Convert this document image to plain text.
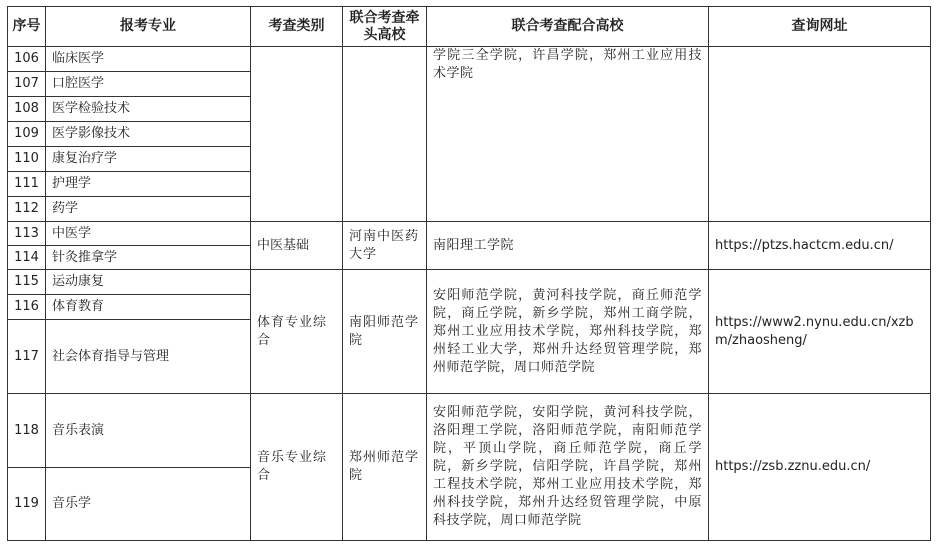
序号	报考专业	考查类别	联合考查牵头高校	联合考查配合高校	查询网址
106	临床医学			学院三全学院，许昌学院，郑州工业应用技术学院	
107	口腔医学				
108	医学检验技术				
109	医学影像技术				
110	康复治疗学				
111	护理学				
112	药学				
113	中医学	中医基础	河南中医药大学	南阳理工学院	https://ptzs.hactcm.edu.cn/
114	针灸推拿学				
115	运动康复	体育专业综合	南阳师范学院	安阳师范学院，黄河科技学院，商丘师范学院，商丘学院，新乡学院，郑州工商学院，郑州工业应用技术学院，郑州科技学院，郑州轻工业大学，郑州升达经贸管理学院，郑州师范学院，周口师范学院	https://www2.nynu.edu.cn/xzbm/zhaosheng/
116	体育教育				
117	社会体育指导与管理				
118	音乐表演	音乐专业综合	郑州师范学院	安阳师范学院，安阳学院，黄河科技学院，洛阳理工学院，洛阳师范学院，南阳师范学院，平顶山学院，商丘师范学院，商丘学院，新乡学院，信阳学院，许昌学院，郑州工程技术学院，郑州工业应用技术学院，郑州科技学院，郑州升达经贸管理学院，中原科技学院，周口师范学院	https://zsb.zznu.edu.cn/
119	音乐学				
